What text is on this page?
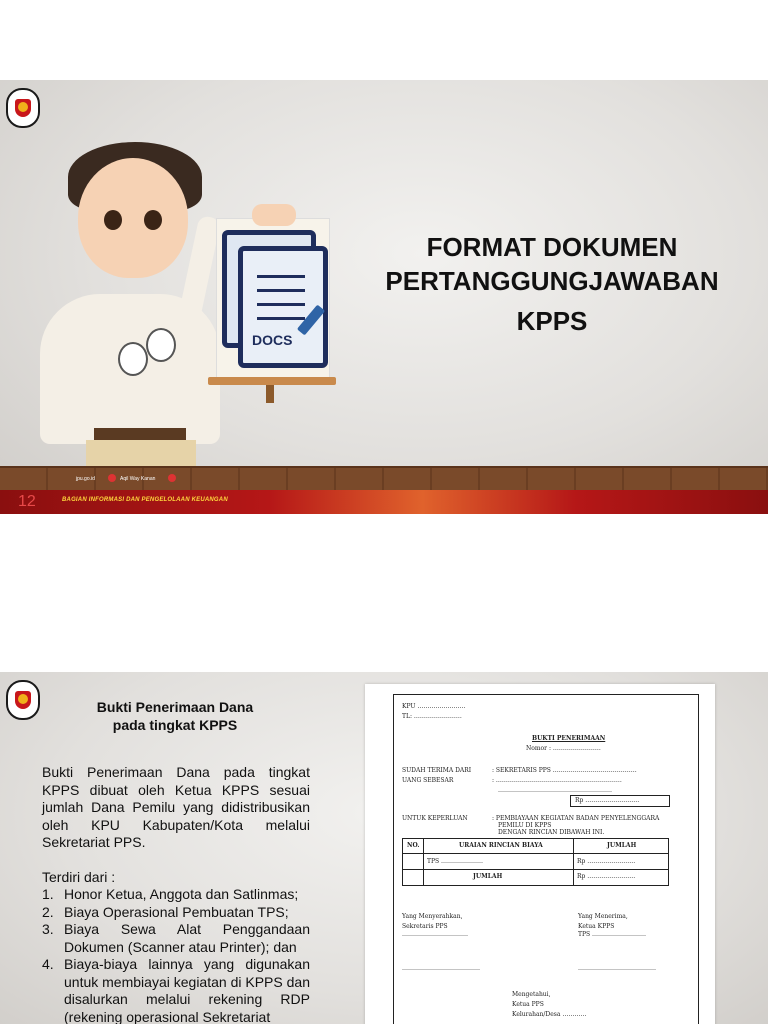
DOCS
FORMAT DOKUMEN
PERTANGGUNGJAWABAN
KPPS
jpu.go.id	Aqil Way Kanan
12	BAGIAN INFORMASI DAN PENGELOLAAN KEUANGAN
Bukti Penerimaan Dana
pada tingkat KPPS

Bukti Penerimaan Dana pada tingkat KPPS dibuat oleh Ketua KPPS sesuai jumlah Dana Pemilu yang didistribusikan oleh KPU Kabupaten/Kota melalui Sekretariat PPS.

Terdiri dari :

1. Honor Ketua, Anggota dan Satlinmas;
2. Biaya Operasional Pembuatan TPS;
3. Biaya Sewa Alat Penggandaan Dokumen (Scanner atau Printer); dan
4. Biaya-biaya lainnya yang digunakan untuk membiayai kegiatan di KPPS dan disalurkan melalui rekening RDP (rekening operasional Sekretariat
KPU ……………………
TL: ……………………
BUKTI PENERIMAAN
Nomor : ……………………
SUDAH TERIMA DARI	: SEKRETARIS PPS ……………………………………
UANG SEBESAR	: ………………………………………………………
…………………………………………………
Rp ………………………
UNTUK KEPERLUAN	: PEMBIAYAAN KEGIATAN BADAN PENYELENGGARA
PEMILU DI KPPS
DENGAN RINCIAN DIBAWAH INI.
NO.	URAIAN RINCIAN BIAYA	JUMLAH
TPS …………………	Rp ……………………
JUMLAH	Rp ……………………
Yang Menyerahkan,
Sekretaris PPS
……………………………
Yang Menerima,
Ketua KPPS
TPS ………………………
…………………………………	…………………………………
Mengetahui,
Ketua PPS
Kelurahan/Desa …………
